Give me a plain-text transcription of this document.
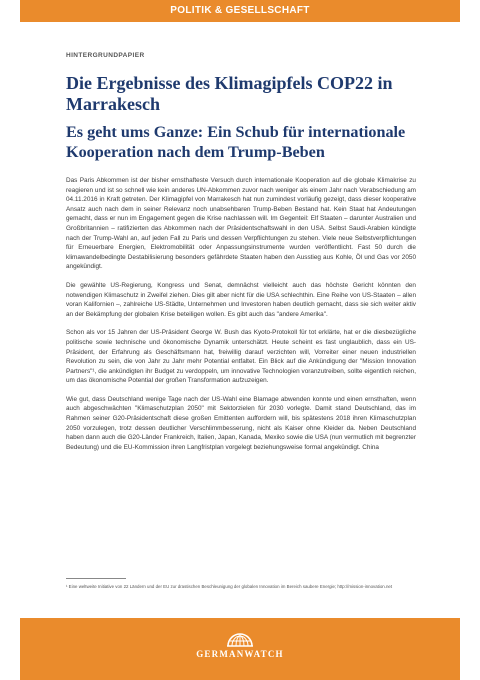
POLITIK & GESELLSCHAFT
HINTERGRUNDPAPIER
Die Ergebnisse des Klimagipfels COP22 in Marrakesch
Es geht ums Ganze: Ein Schub für internationale Kooperation nach dem Trump-Beben

Das Paris Abkommen ist der bisher ernsthafteste Versuch durch internationale Kooperation auf die globale Klimakrise zu reagieren und ist so schnell wie kein anderes UN-Abkommen zuvor nach weniger als einem Jahr nach Verabschiedung am 04.11.2016 in Kraft getreten. Der Klimagipfel von Marrakesch hat nun zumindest vorläufig gezeigt, dass dieser kooperative Ansatz auch nach dem in seiner Relevanz noch unabsehbaren Trump-Beben Bestand hat. Kein Staat hat Andeutungen gemacht, dass er nun im Engagement gegen die Krise nachlassen will. Im Gegenteil: Elf Staaten – darunter Australien und Großbritannien – ratifizierten das Abkommen nach der Präsidentschaftswahl in den USA. Selbst Saudi-Arabien kündigte nach der Trump-Wahl an, auf jeden Fall zu Paris und dessen Verpflichtungen zu stehen. Viele neue Selbstverpflichtungen für Erneuerbare Energien, Elektromobilität oder Anpassungsinstrumente wurden veröffentlicht. Fast 50 durch die klimawandelbedingte Destabilisierung besonders gefährdete Staaten haben den Ausstieg aus Kohle, Öl und Gas vor 2050 angekündigt.

Die gewählte US-Regierung, Kongress und Senat, demnächst vielleicht auch das höchste Gericht könnten den notwendigen Klimaschutz in Zweifel ziehen. Dies gilt aber nicht für die USA schlechthin. Eine Reihe von US-Staaten – allen voran Kalifornien –, zahlreiche US-Städte, Unternehmen und Investoren haben deutlich gemacht, dass sie sich weiter aktiv an der Bekämpfung der globalen Krise beteiligen wollen. Es gibt auch das "andere Amerika".

Schon als vor 15 Jahren der US-Präsident George W. Bush das Kyoto-Protokoll für tot erklärte, hat er die diesbezügliche politische sowie technische und ökonomische Dynamik unterschätzt. Heute scheint es fast unglaublich, dass ein US-Präsident, der Erfahrung als Geschäftsmann hat, freiwillig darauf verzichten will, Vorreiter einer neuen industriellen Revolution zu sein, die von Jahr zu Jahr mehr Potential entfaltet. Ein Blick auf die Ankündigung der "Mission Innovation Partners"¹, die ankündigten ihr Budget zu verdoppeln, um innovative Technologien voranzutreiben, sollte eigentlich reichen, um das ökonomische Potential der großen Transformation aufzuzeigen.

Wie gut, dass Deutschland wenige Tage nach der US-Wahl eine Blamage abwenden konnte und einen ernsthaften, wenn auch abgeschwächten "Klimaschutzplan 2050" mit Sektorzielen für 2030 vorlegte. Damit stand Deutschland, das im Rahmen seiner G20-Präsidentschaft diese großen Emittenten auffordern will, bis spätestens 2018 ihren Klimaschutzplan 2050 vorzulegen, trotz dessen deutlicher Verschlimmbesserung, nicht als Kaiser ohne Kleider da. Neben Deutschland haben dann auch die G20-Länder Frankreich, Italien, Japan, Kanada, Mexiko sowie die USA (nun vermutlich mit begrenzter Bedeutung) und die EU-Kommission ihren Langfristplan vorgelegt beziehungsweise formal angekündigt. China

¹ Eine weltweite Initiative von 22 Ländern und der EU zur drastischen Beschleunigung der globalen Innovation im Bereich saubere Energie; http://mission-innovation.net
GERMANWATCH
